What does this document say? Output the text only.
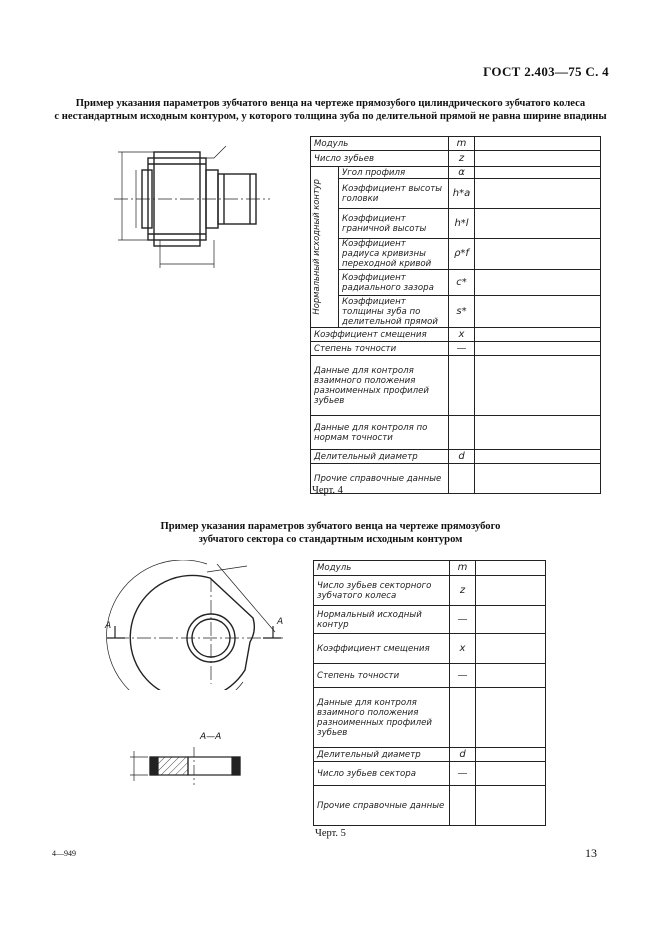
ГОСТ 2.403—75 С. 4
Пример указания параметров зубчатого венца на чертеже прямозубого цилиндрического зубчатого колеса
с нестандартным исходным контуром, у которого толщина зуба по делительной прямой не равна ширине впадины
Модуль		m	
Число зубьев		z	

Нормальный исходный контур	Угол профиля	α	
	Коэффициент высоты головки	h*a	
	Коэффициент граничной высоты	h*l	
	Коэффициент радиуса кривизны переходной кривой	ρ*f	
	Коэффициент радиального зазора	c*	
	Коэффициент толщины зуба по делительной прямой	s*	
Коэффициент смещения		x	
Степень точности		—	
Данные для контроля взаимного положения разноименных профилей зубьев			
Данные для контроля по нормам точности			
Делительный диаметр		d	
Прочие справочные данные			
Черт. 4
Пример указания параметров зубчатого венца на чертеже прямозубого
зубчатого сектора со стандартным исходным контуром
А	А
А—А
Модуль	m	
Число зубьев секторного зубчатого колеса	z	
Нормальный исходный контур	—	
Коэффициент смещения	x	
Степень точности	—	
Данные для контроля взаимного положения разноименных профилей зубьев		
Делительный диаметр	d	
Число зубьев сектора	—	
Прочие справочные данные		
Черт. 5
4—949	13
